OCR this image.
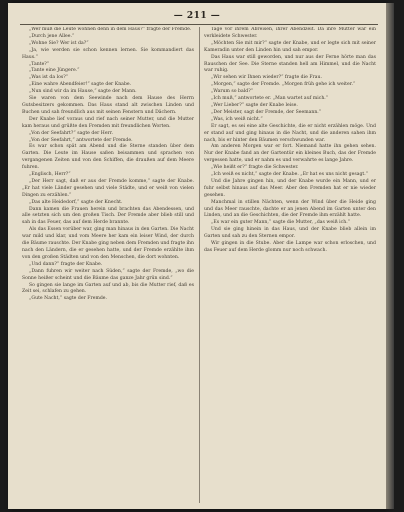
— 211 —

„Wer muß die Leute wohnen denn in dem Haus?“ fragte der Fremde.

„Durch jene Allee.“

„Wohne Sie? Wer ist da?“

„Ja, wie werden sie schon kennen lernen. Sie kommandiert das Haus.“

„Tante?“

„Tante eine Jüngere.“

„Was ist da los?“

„Eine wahre Abendfeier!“ sagte der Knabe.

„Nun sind wir da im Hause,“ sagte der Mann.

Sie waren von dem Seewinde nach dem Hause des Herrn Gutsbesitzers gekommen. Das Haus stand alt zwischen Linden und Buchen und sah freundlich aus mit seinen Fenstern und Dächern.

Der Knabe lief voraus und rief nach seiner Mutter, und die Mutter kam heraus und grüßte den Fremden mit freundlichen Worten.

„Von der Seefahrt?“ sagte der Herr.

„Von der Seefahrt,“ antwortete der Fremde.

Es war schon spät am Abend und die Sterne standen über dem Garten. Die Leute im Hause saßen beisammen und sprachen von vergangenen Zeiten und von den Schiffen, die draußen auf dem Meere fuhren.

„Englisch, Herr?“

„Der Herr sagt, daß er aus der Fremde komme,“ sagte der Knabe. „Er hat viele Länder gesehen und viele Städte, und er weiß von vielen Dingen zu erzählen.“

„Das alte Heidedorf,“ sagte der Knecht.

Dann kamen die Frauen herein und brachten das Abendessen, und alle setzten sich um den großen Tisch. Der Fremde aber blieb still und sah in das Feuer, das auf dem Herde brannte.

Als das Essen vorüber war, ging man hinaus in den Garten. Die Nacht war mild und klar, und vom Meere her kam ein leiser Wind, der durch die Bäume rauschte. Der Knabe ging neben dem Fremden und fragte ihn nach den Ländern, die er gesehen hatte, und der Fremde erzählte ihm von den großen Städten und von den Menschen, die dort wohnten.

„Und dann?“ fragte der Knabe.

„Dann fuhren wir weiter nach Süden,“ sagte der Fremde, „wo die Sonne heißer scheint und die Bäume das ganze Jahr grün sind.“

So gingen sie lange im Garten auf und ab, bis die Mutter rief, daß es Zeit sei, schlafen zu gehen.

„Gute Nacht,“ sagte der Fremde.

Tage vor ihrem Abreisen, ihrer Abendzeit. Da ihre Mutter war ein verkleidete Schwester.

„Möchten Sie mit mir?“ sagte der Knabe, und er legte sich mit seiner Kameradin unter den Linden hin und sah empor.

Das Haus war still geworden, und nur aus der Ferne hörte man das Rauschen der See. Die Sterne standen hell am Himmel, und die Nacht war ruhig.

„Wir sehen wir Ihnen wieder?“ fragte die Frau.

„Morgen,“ sagte der Fremde. „Morgen früh gehe ich weiter.“

„Warum so bald?“

„Ich muß,“ antwortete er. „Man wartet auf mich.“

„Wer Lieber?“ sagte der Knabe leise.

„Der Meister, sagt der Fremde, der Seemann.“

„Was, ich weiß nicht.“

Er sagt, es sei eine alte Geschichte, die er nicht erzählen möge. Und er stand auf und ging hinaus in die Nacht, und die anderen sahen ihm nach, bis er hinter den Bäumen verschwunden war.

Am anderen Morgen war er fort. Niemand hatte ihn gehen sehen. Nur der Knabe fand an der Gartentür ein kleines Buch, das der Fremde vergessen hatte, und er nahm es und verwahrte es lange Jahre.

„Wie heißt er?“ fragte die Schwester.

„Ich weiß es nicht,“ sagte der Knabe. „Er hat es uns nicht gesagt.“

Und die Jahre gingen hin, und der Knabe wurde ein Mann, und er fuhr selbst hinaus auf das Meer. Aber den Fremden hat er nie wieder gesehen.

Manchmal in stillen Nächten, wenn der Wind über die Heide ging und das Meer rauschte, dachte er an jenen Abend im Garten unter den Linden, und an die Geschichten, die der Fremde ihm erzählt hatte.

„Es war ein guter Mann,“ sagte die Mutter, „das weiß ich.“

Und sie ging hinein in das Haus, und der Knabe blieb allein im Garten und sah zu den Sternen empor.

Wir gingen in die Stube. Aber die Lampe war schon erloschen, und das Feuer auf dem Herde glomm nur noch schwach.
